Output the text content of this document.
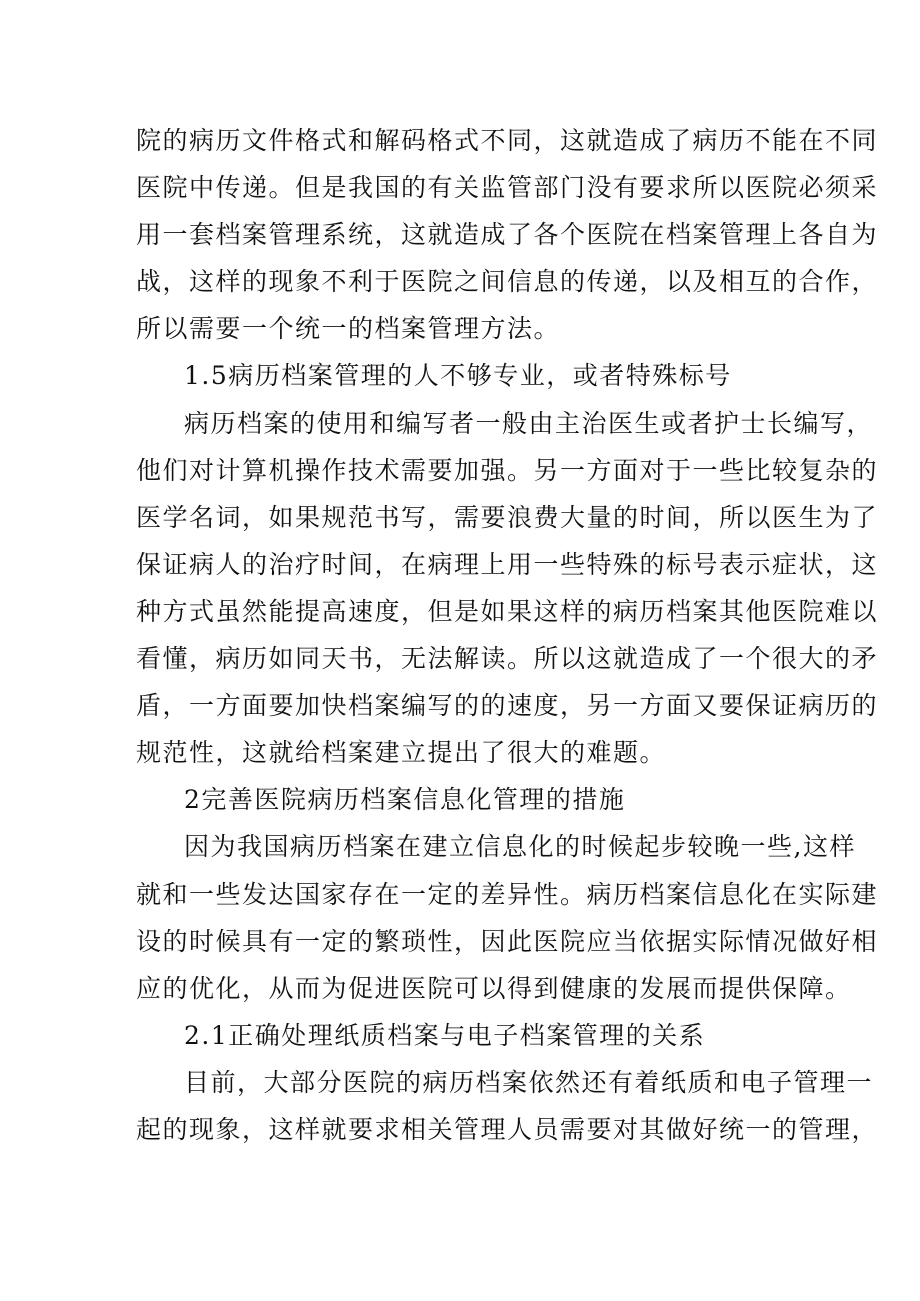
院的病历文件格式和解码格式不同，这就造成了病历不能在不同
医院中传递。但是我国的有关监管部门没有要求所以医院必须采
用一套档案管理系统，这就造成了各个医院在档案管理上各自为
战，这样的现象不利于医院之间信息的传递，以及相互的合作，
所以需要一个统一的档案管理方法。
1.5病历档案管理的人不够专业，或者特殊标号
病历档案的使用和编写者一般由主治医生或者护士长编写，
他们对计算机操作技术需要加强。另一方面对于一些比较复杂的
医学名词，如果规范书写，需要浪费大量的时间，所以医生为了
保证病人的治疗时间，在病理上用一些特殊的标号表示症状，这
种方式虽然能提高速度，但是如果这样的病历档案其他医院难以
看懂，病历如同天书，无法解读。所以这就造成了一个很大的矛
盾，一方面要加快档案编写的的速度，另一方面又要保证病历的
规范性，这就给档案建立提出了很大的难题。
2完善医院病历档案信息化管理的措施
因为我国病历档案在建立信息化的时候起步较晚一些,这样
就和一些发达国家存在一定的差异性。病历档案信息化在实际建
设的时候具有一定的繁琐性，因此医院应当依据实际情况做好相
应的优化，从而为促进医院可以得到健康的发展而提供保障。
2.1正确处理纸质档案与电子档案管理的关系
目前，大部分医院的病历档案依然还有着纸质和电子管理一
起的现象，这样就要求相关管理人员需要对其做好统一的管理，
